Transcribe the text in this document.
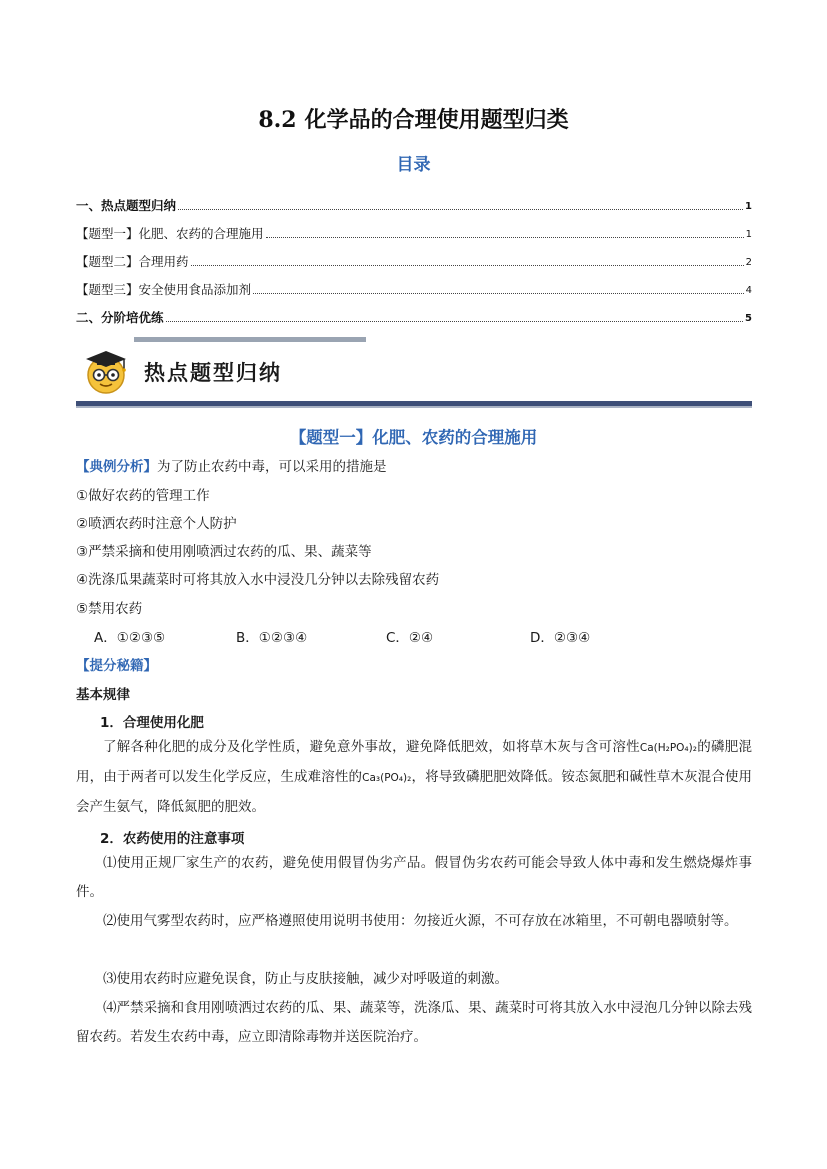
8.2 化学品的合理使用题型归类
目录
一、热点题型归纳	1
【题型一】化肥、农药的合理施用	1
【题型二】合理用药	2
【题型三】安全使用食品添加剂	4
二、分阶培优练	5
热点题型归纳
【题型一】化肥、农药的合理施用
【典例分析】为了防止农药中毒，可以采用的措施是
①做好农药的管理工作
②喷洒农药时注意个人防护
③严禁采摘和使用刚喷洒过农药的瓜、果、蔬菜等
④洗涤瓜果蔬菜时可将其放入水中浸没几分钟以去除残留农药
⑤禁用农药
A．①②③⑤	B．①②③④	C．②④	D．②③④
【提分秘籍】
基本规律
1．合理使用化肥
了解各种化肥的成分及化学性质，避免意外事故，避免降低肥效，如将草木灰与含可溶性Ca(H₂PO₄)₂的磷肥混用，由于两者可以发生化学反应，生成难溶性的Ca₃(PO₄)₂，将导致磷肥肥效降低。铵态氮肥和碱性草木灰混合使用会产生氨气，降低氮肥的肥效。
2．农药使用的注意事项
⑴使用正规厂家生产的农药，避免使用假冒伪劣产品。假冒伪劣农药可能会导致人体中毒和发生燃烧爆炸事件。
⑵使用气雾型农药时，应严格遵照使用说明书使用：勿接近火源，不可存放在冰箱里，不可朝电器喷射等。
⑶使用农药时应避免误食，防止与皮肤接触，减少对呼吸道的刺激。
⑷严禁采摘和食用刚喷洒过农药的瓜、果、蔬菜等，洗涤瓜、果、蔬菜时可将其放入水中浸泡几分钟以除去残留农药。若发生农药中毒，应立即清除毒物并送医院治疗。
